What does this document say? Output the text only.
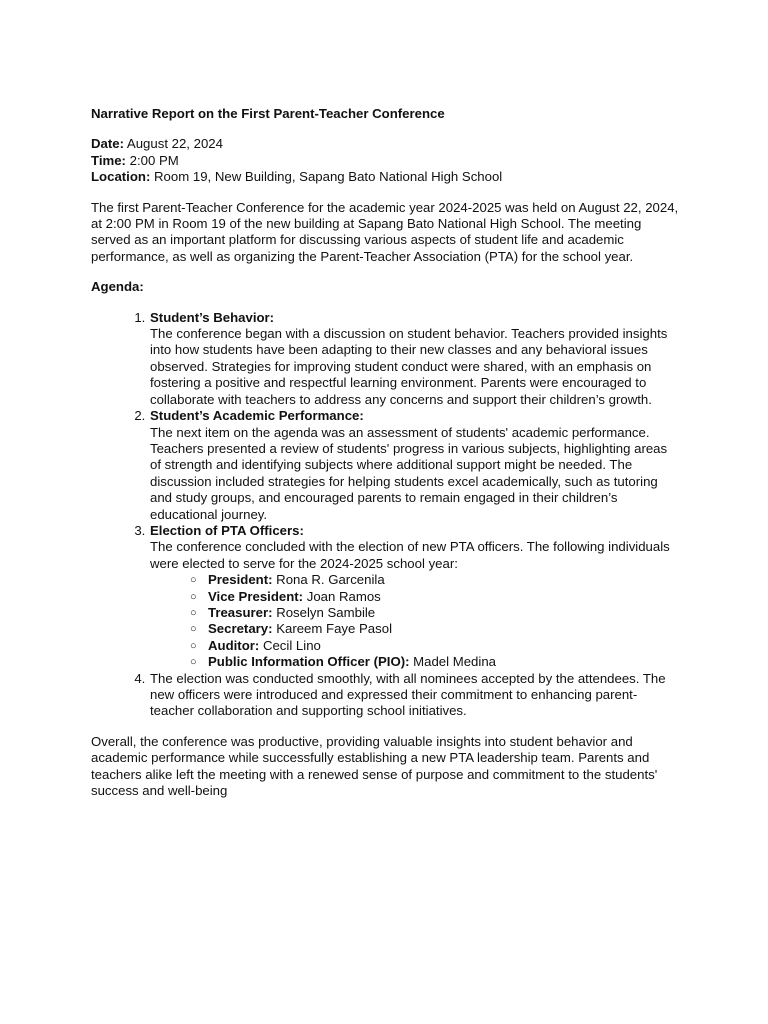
Narrative Report on the First Parent-Teacher Conference

Date: August 22, 2024
Time: 2:00 PM
Location: Room 19, New Building, Sapang Bato National High School

The first Parent-Teacher Conference for the academic year 2024-2025 was held on August 22, 2024, at 2:00 PM in Room 19 of the new building at Sapang Bato National High School. The meeting served as an important platform for discussing various aspects of student life and academic performance, as well as organizing the Parent-Teacher Association (PTA) for the school year.

Agenda:
1. Student’s Behavior:
The conference began with a discussion on student behavior. Teachers provided insights into how students have been adapting to their new classes and any behavioral issues observed. Strategies for improving student conduct were shared, with an emphasis on fostering a positive and respectful learning environment. Parents were encouraged to collaborate with teachers to address any concerns and support their children’s growth.
2. Student’s Academic Performance:
The next item on the agenda was an assessment of students' academic performance. Teachers presented a review of students' progress in various subjects, highlighting areas of strength and identifying subjects where additional support might be needed. The discussion included strategies for helping students excel academically, such as tutoring and study groups, and encouraged parents to remain engaged in their children’s educational journey.
3. Election of PTA Officers:
The conference concluded with the election of new PTA officers. The following individuals were elected to serve for the 2024-2025 school year:
○ President: Rona R. Garcenila
○ Vice President: Joan Ramos
○ Treasurer: Roselyn Sambile
○ Secretary: Kareem Faye Pasol
○ Auditor: Cecil Lino
○ Public Information Officer (PIO): Madel Medina
4. The election was conducted smoothly, with all nominees accepted by the attendees. The new officers were introduced and expressed their commitment to enhancing parent-teacher collaboration and supporting school initiatives.

Overall, the conference was productive, providing valuable insights into student behavior and academic performance while successfully establishing a new PTA leadership team. Parents and teachers alike left the meeting with a renewed sense of purpose and commitment to the students' success and well-being
